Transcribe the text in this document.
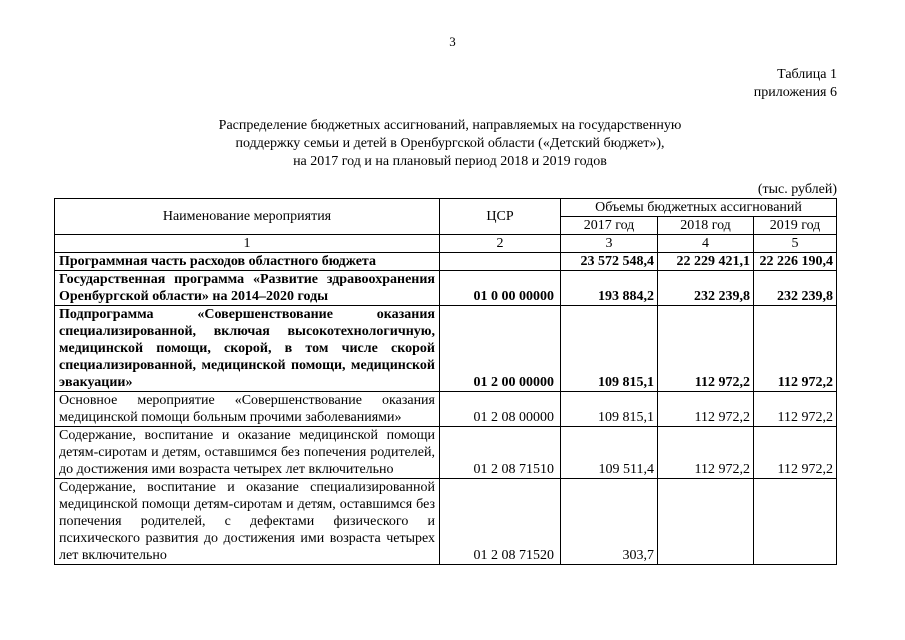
3
Таблица 1
приложения 6
Распределение бюджетных ассигнований, направляемых на государственную
поддержку семьи и детей в Оренбургской области («Детский бюджет»),
на 2017 год и на плановый период 2018 и 2019 годов
(тыс. рублей)
Наименование мероприятия	ЦСР	Объемы бюджетных ассигнований		
		2017 год	2018 год	2019 год
1	2	3	4	5
Программная часть расходов областного бюджета		23 572 548,4	22 229 421,1	22 226 190,4
Государственная программа «Развитие здравоохранения Оренбургской области» на 2014–2020 годы	01 0 00 00000	193 884,2	232 239,8	232 239,8
Подпрограмма «Совершенствование оказания специализированной, включая высокотехнологичную, медицинской помощи, скорой, в том числе скорой специализированной, медицинской помощи, медицинской эвакуации»	01 2 00 00000	109 815,1	112 972,2	112 972,2
Основное мероприятие «Совершенствование оказания медицинской помощи больным прочими заболеваниями»	01 2 08 00000	109 815,1	112 972,2	112 972,2
Содержание, воспитание и оказание медицинской помощи детям-сиротам и детям, оставшимся без попечения родителей, до достижения ими возраста четырех лет включительно	01 2 08 71510	109 511,4	112 972,2	112 972,2
Содержание, воспитание и оказание специализированной медицинской помощи детям-сиротам и детям, оставшимся без попечения родителей, с дефектами физического и психического развития до достижения ими возраста четырех лет включительно	01 2 08 71520	303,7		
